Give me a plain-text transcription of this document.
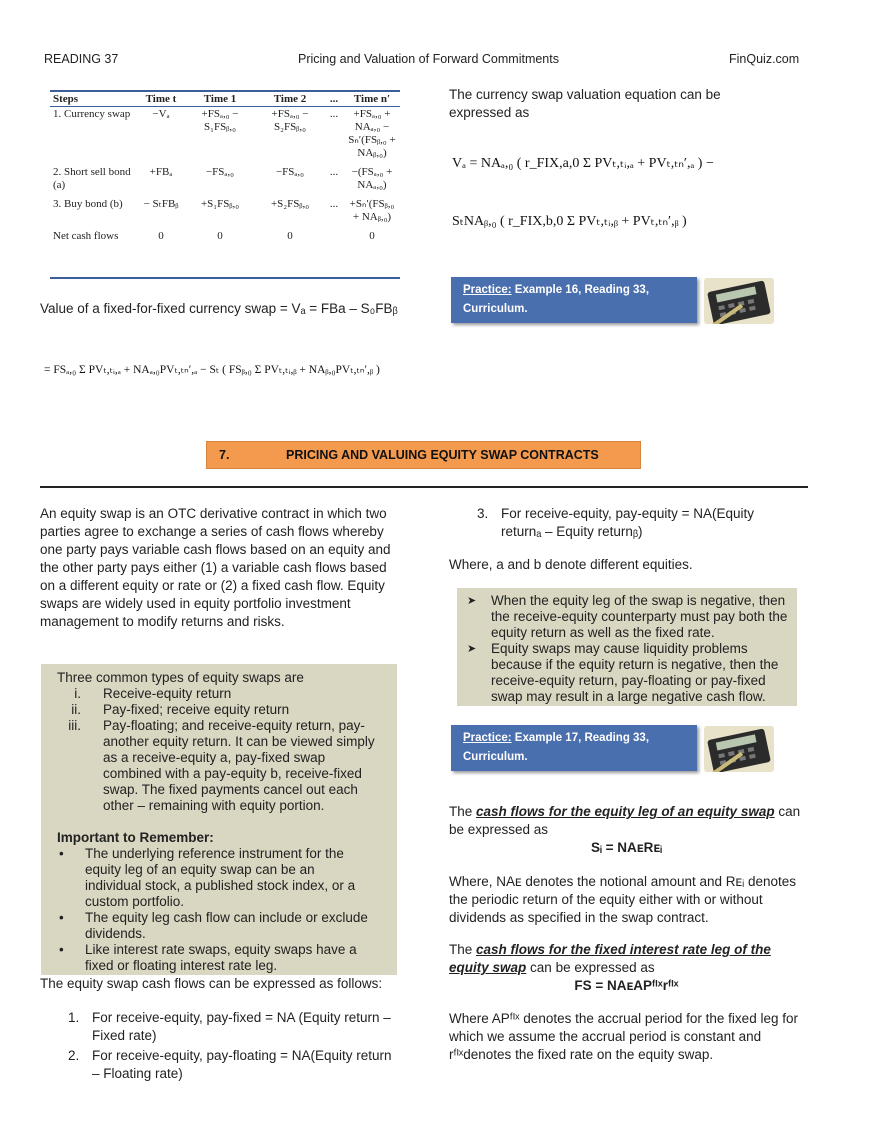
READING 37	Pricing and Valuation of Forward Commitments	FinQuiz.com
Steps	Time t	Time 1	Time 2	...	Time n′
1. Currency swap	−Vₐ	+FSₐ,₀ − S₁FSᵦ,₀	+FSₐ,₀ − S₂FSᵦ,₀	...	+FSₐ,₀ + NAₐ,₀ − Sₙ′(FSᵦ,₀ + NAᵦ,₀)
2. Short sell bond (a)	+FBₐ	−FSₐ,₀	−FSₐ,₀	...	−(FSₐ,₀ + NAₐ,₀)
3. Buy bond (b)	− SₜFBᵦ	+S₁FSᵦ,₀	+S₂FSᵦ,₀	...	+Sₙ′(FSᵦ,₀ + NAᵦ,₀)
Net cash flows	0	0	0		0
Value of a fixed-for-fixed currency swap = Vₐ = FBa – S₀FBᵦ
= FSₐ,₀ Σ PVₜ,ₜᵢ,ₐ + NAₐ,₀PVₜ,ₜₙ′,ₐ − Sₜ ( FSᵦ,₀ Σ PVₜ,ₜᵢ,ᵦ + NAᵦ,₀PVₜ,ₜₙ′,ᵦ )
The currency swap valuation equation can be expressed as
Vₐ = NAₐ,₀ ( r_FIX,a,0 Σ PVₜ,ₜᵢ,ₐ + PVₜ,ₜₙ′,ₐ ) −
SₜNAᵦ,₀ ( r_FIX,b,0 Σ PVₜ,ₜᵢ,ᵦ + PVₜ,ₜₙ′,ᵦ )
Practice: Example 16, Reading 33,
Curriculum.
7.	PRICING AND VALUING EQUITY SWAP CONTRACTS
An equity swap is an OTC derivative contract in which two parties agree to exchange a series of cash flows whereby one party pays variable cash flows based on an equity and the other party pays either (1) a variable cash flows based on a different equity or rate or (2) a fixed cash flow. Equity swaps are widely used in equity portfolio investment management to modify returns and risks.
Three common types of equity swaps are
i. Receive-equity return
ii. Pay-fixed; receive equity return
iii. Pay-floating; and receive-equity return, pay-another equity return. It can be viewed simply as a receive-equity a, pay-fixed swap combined with a pay-equity b, receive-fixed swap. The fixed payments cancel out each other – remaining with equity portion.
Important to Remember:
• The underlying reference instrument for the equity leg of an equity swap can be an individual stock, a published stock index, or a custom portfolio.
• The equity leg cash flow can include or exclude dividends.
• Like interest rate swaps, equity swaps have a fixed or floating interest rate leg.
The equity swap cash flows can be expressed as follows:
1. For receive-equity, pay-fixed = NA (Equity return – Fixed rate)
2. For receive-equity, pay-floating = NA(Equity return – Floating rate)
3. For receive-equity, pay-equity = NA(Equity returnₐ – Equity returnᵦ)
Where, a and b denote different equities.
➤ When the equity leg of the swap is negative, then the receive-equity counterparty must pay both the equity return as well as the fixed rate.
➤ Equity swaps may cause liquidity problems because if the equity return is negative, then the receive-equity return, pay-floating or pay-fixed swap may result in a large negative cash flow.
Practice: Example 17, Reading 33,
Curriculum.
The cash flows for the equity leg of an equity swap can be expressed as
Sᵢ = NAᴇRᴇᵢ
Where, NAᴇ denotes the notional amount and Rᴇᵢ denotes the periodic return of the equity either with or without dividends as specified in the swap contract.
The cash flows for the fixed interest rate leg of the equity swap can be expressed as
FS = NAᴇAPᶠᴵˣrᶠᴵˣ
Where APᶠᴵˣ denotes the accrual period for the fixed leg for which we assume the accrual period is constant and rᶠᴵˣdenotes the fixed rate on the equity swap.
